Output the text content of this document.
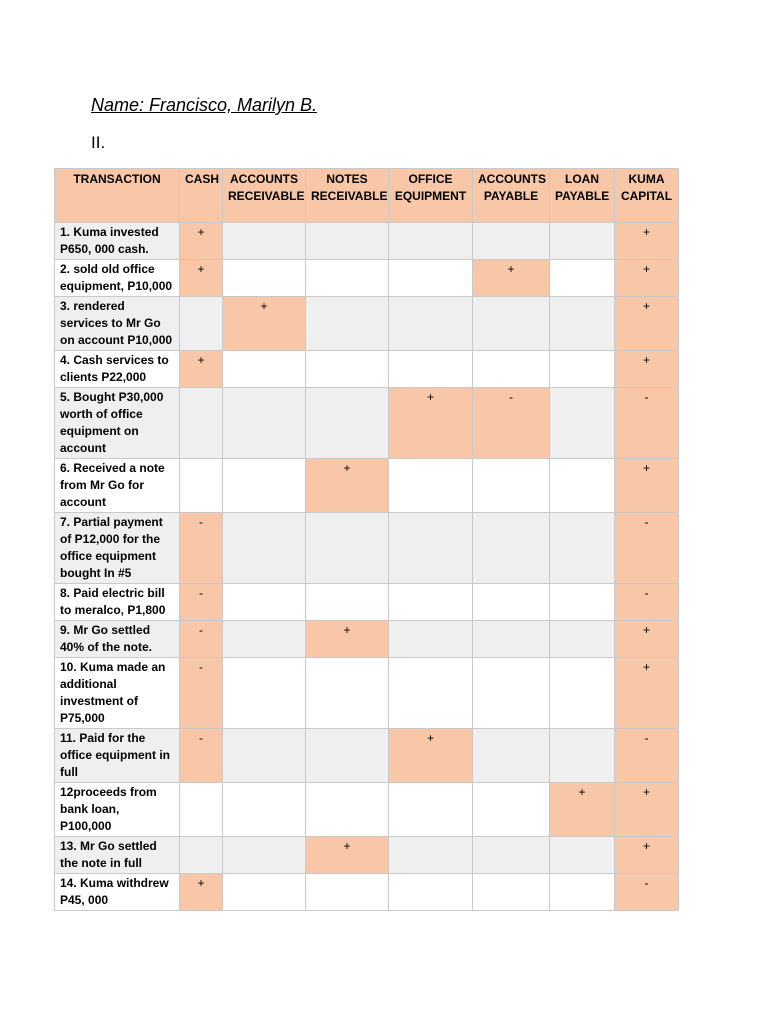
Name: Francisco, Marilyn B.

II.

TRANSACTION	CASH	ACCOUNTS RECEIVABLE	NOTES RECEIVABLE	OFFICE EQUIPMENT	ACCOUNTS PAYABLE	LOAN PAYABLE	KUMA CAPITAL
1. Kuma invested P650, 000 cash.	+						+
2. sold old office equipment, P10,000	+				+		+
3. rendered services to Mr Go on account P10,000		+					+
4. Cash services to clients P22,000	+						+
5. Bought P30,000 worth of office equipment on account				+	-		-
6. Received a note from Mr Go for account			+				+
7. Partial payment of P12,000 for the office equipment bought In #5	-						-
8. Paid electric bill to meralco, P1,800	-						-
9. Mr Go settled 40% of the note.	-		+				+
10. Kuma made an additional investment of P75,000	-						+
11. Paid for the office equipment in full	-			+			-
12proceeds from bank loan, P100,000						+	+
13. Mr Go settled the note in full			+				+
14. Kuma withdrew P45, 000	+						-
